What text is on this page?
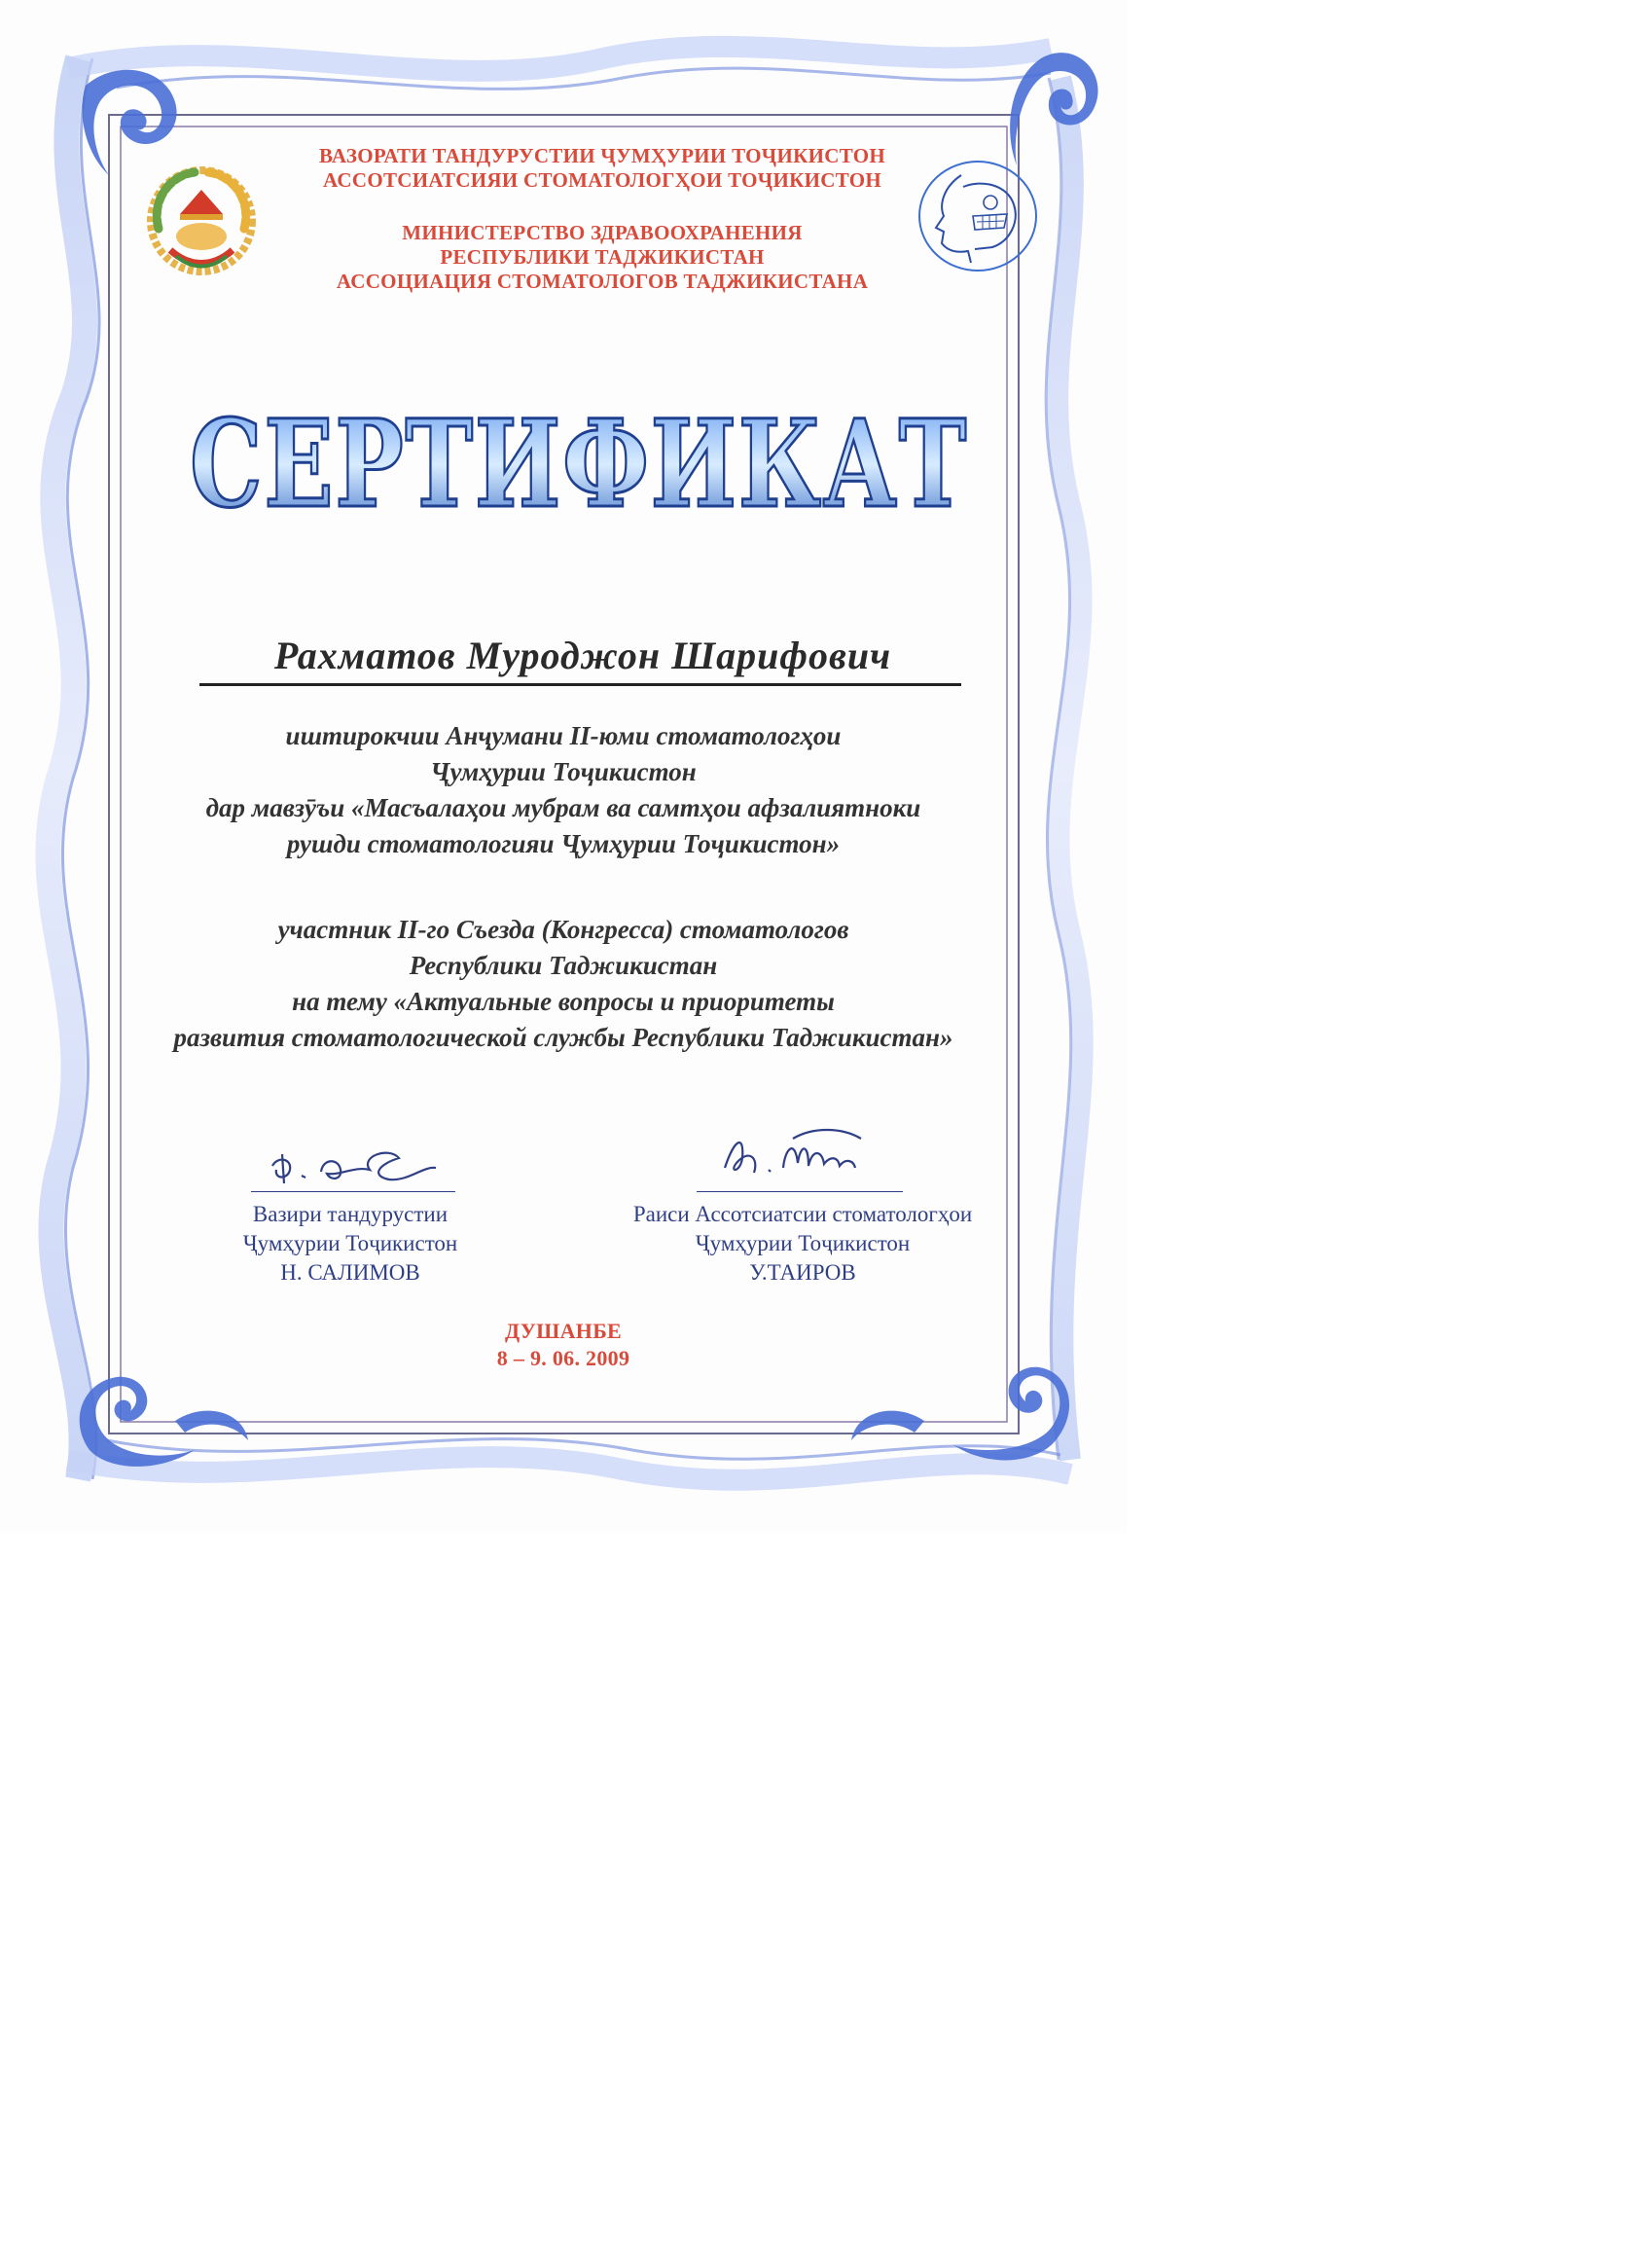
ВАЗОРАТИ ТАНДУРУСТИИ ҶУМҲУРИИ ТОҶИКИСТОН
АССОТСИАТСИЯИ СТОМАТОЛОГҲОИ ТОҶИКИСТОН
МИНИСТЕРСТВО ЗДРАВООХРАНЕНИЯ
РЕСПУБЛИКИ ТАДЖИКИСТАН
АССОЦИАЦИЯ СТОМАТОЛОГОВ ТАДЖИКИСТАНА
СЕРТИФИКАТ
Рахматов Муроджон Шарифович
иштирокчии Анҷумани II-юми стоматологҳои
Ҷумҳурии Тоҷикистон
дар мавзӯъи «Масъалаҳои мубрам ва самтҳои афзалиятноки
рушди стоматологияи Ҷумҳурии Тоҷикистон»
участник II-го Съезда (Конгресса) стоматологов
Республики Таджикистан
на тему «Актуальные вопросы и приоритеты
развития стоматологической службы Республики Таджикистан»
Вазири тандурустии
Ҷумҳурии Тоҷикистон
Н. САЛИМОВ
Раиси Ассотсиатсии стоматологҳои
Ҷумҳурии Тоҷикистон
У.ТАИРОВ
ДУШАНБЕ
8 – 9. 06. 2009
